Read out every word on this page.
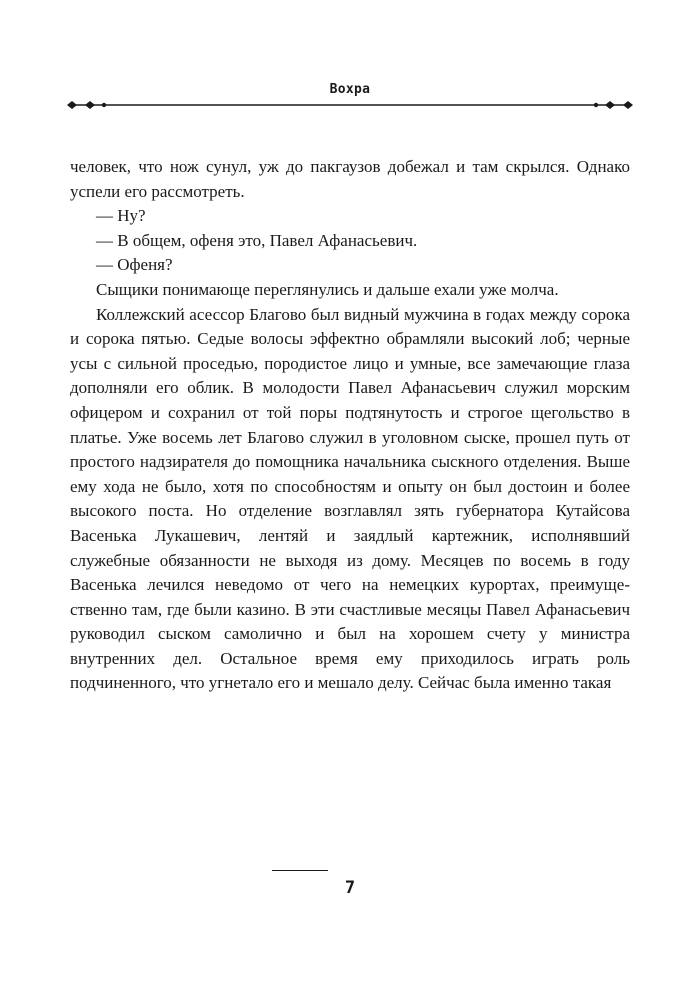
Вохра

человек, что нож сунул, уж до пакгаузов добежал и там скрылся. Однако успели его рассмотреть.

— Ну?

— В общем, офеня это, Павел Афанасьевич.

— Офеня?

Сыщики понимающе переглянулись и дальше ехали уже молча.

Коллежский асессор Благово был видный мужчина в годах между сорока и сорока пятью. Седые волосы эффектно обрамляли высокий лоб; черные усы с сильной проседью, породистое лицо и умные, все замечающие глаза дополняли его облик. В молодости Павел Афанасьевич служил морским офицером и сохранил от той поры подтянутость и строгое щегольство в платье. Уже восемь лет Благово служил в уголовном сыске, прошел путь от простого надзирателя до помощника начальника сыскного отделения. Выше ему хода не было, хотя по способностям и опыту он был достоин и более высокого поста. Но отделение возглавлял зять губернатора Кутайсова Васенька Лукашевич, лентяй и заядлый картежник, исполнявший служебные обязанности не выходя из дому. Месяцев по восемь в году Васенька лечился неведомо от чего на немецких курортах, преимущественно там, где были казино. В эти счастливые месяцы Павел Афанасьевич руководил сыском самолично и был на хорошем счету у министра внутренних дел. Остальное время ему приходилось играть роль подчиненного, что угнетало его и мешало делу. Сейчас была именно такая

7
